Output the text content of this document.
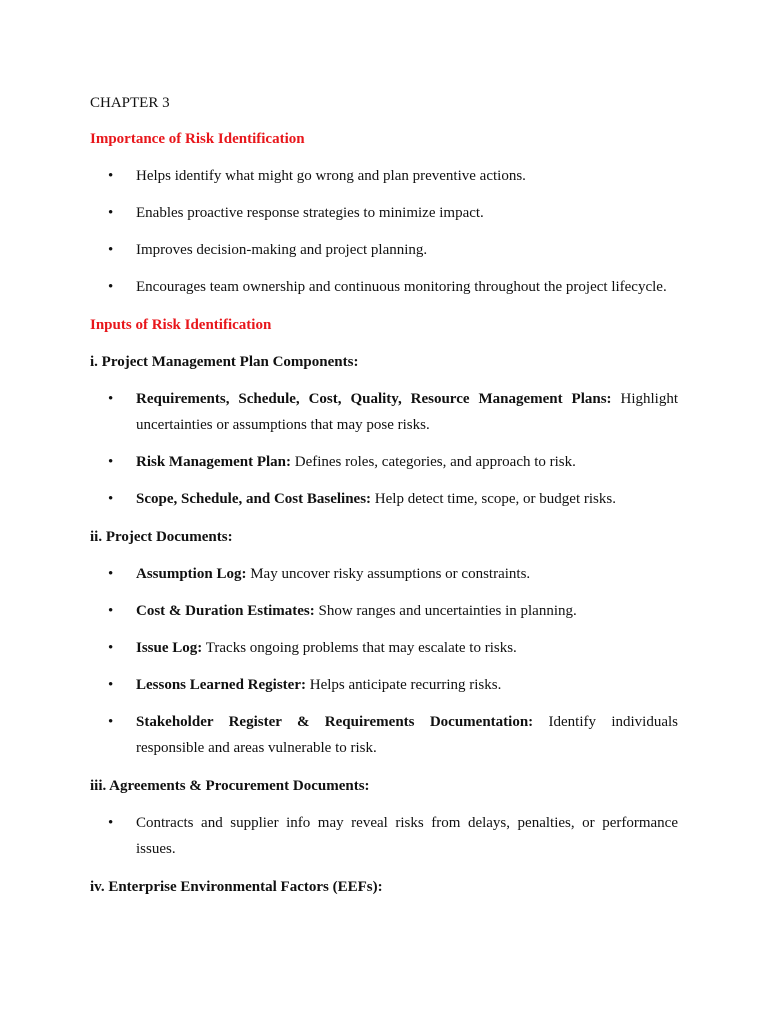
CHAPTER 3
Importance of Risk Identification
• Helps identify what might go wrong and plan preventive actions.
• Enables proactive response strategies to minimize impact.
• Improves decision-making and project planning.
• Encourages team ownership and continuous monitoring throughout the project lifecycle.
Inputs of Risk Identification
i. Project Management Plan Components:
• Requirements, Schedule, Cost, Quality, Resource Management Plans: Highlight uncertainties or assumptions that may pose risks.
• Risk Management Plan: Defines roles, categories, and approach to risk.
• Scope, Schedule, and Cost Baselines: Help detect time, scope, or budget risks.
ii. Project Documents:
• Assumption Log: May uncover risky assumptions or constraints.
• Cost & Duration Estimates: Show ranges and uncertainties in planning.
• Issue Log: Tracks ongoing problems that may escalate to risks.
• Lessons Learned Register: Helps anticipate recurring risks.
• Stakeholder Register & Requirements Documentation: Identify individuals responsible and areas vulnerable to risk.
iii. Agreements & Procurement Documents:
• Contracts and supplier info may reveal risks from delays, penalties, or performance issues.
iv. Enterprise Environmental Factors (EEFs):
